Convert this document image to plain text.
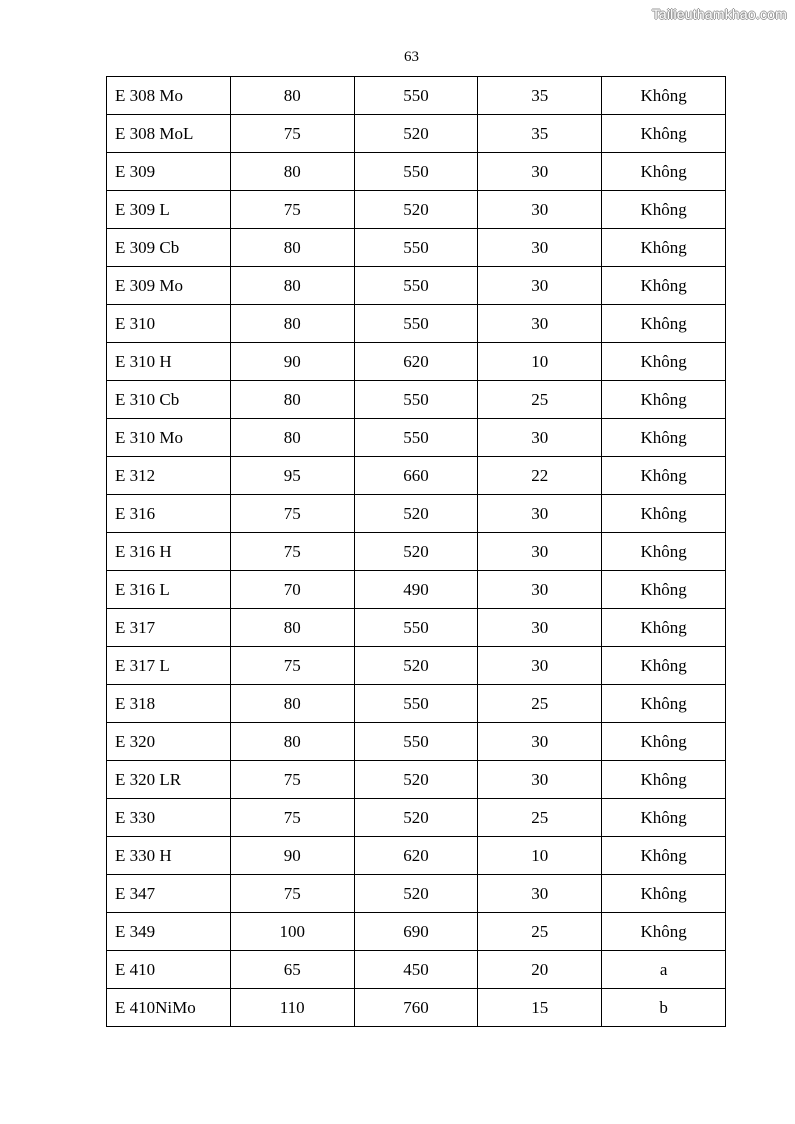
Tailieuthamkhao.com
63
E 308 Mo	80	550	35	Không
E 308 MoL	75	520	35	Không
E 309	80	550	30	Không
E 309 L	75	520	30	Không
E 309 Cb	80	550	30	Không
E 309 Mo	80	550	30	Không
E 310	80	550	30	Không
E 310 H	90	620	10	Không
E 310 Cb	80	550	25	Không
E 310 Mo	80	550	30	Không
E 312	95	660	22	Không
E 316	75	520	30	Không
E 316 H	75	520	30	Không
E 316 L	70	490	30	Không
E 317	80	550	30	Không
E 317 L	75	520	30	Không
E 318	80	550	25	Không
E 320	80	550	30	Không
E 320 LR	75	520	30	Không
E 330	75	520	25	Không
E 330 H	90	620	10	Không
E 347	75	520	30	Không
E 349	100	690	25	Không
E 410	65	450	20	a
E 410NiMo	110	760	15	b
